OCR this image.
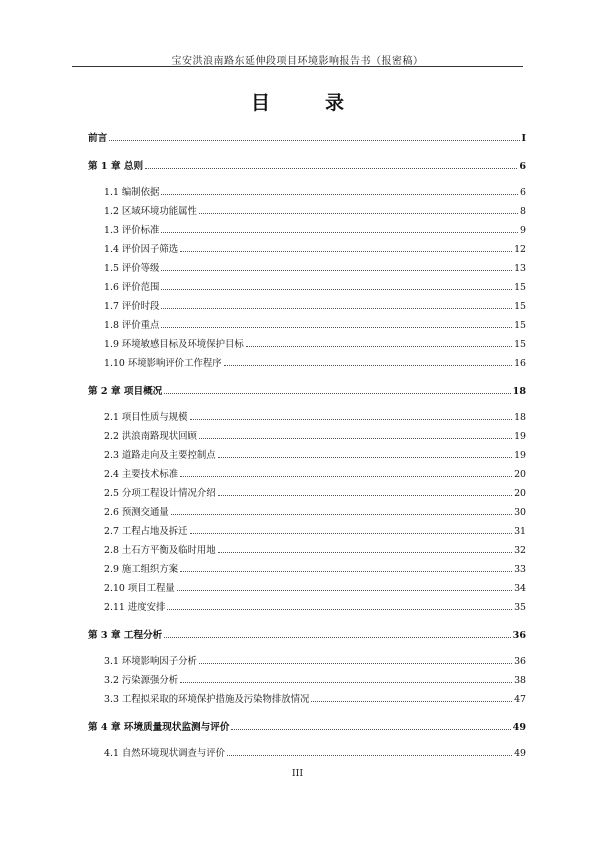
宝安洪浪南路东延伸段项目环境影响报告书（报密稿）
目　录
前言	I
第 1 章 总则	6
1.1 编制依据	6
1.2 区域环境功能属性	8
1.3 评价标准	9
1.4 评价因子筛选	12
1.5 评价等级	13
1.6 评价范围	15
1.7 评价时段	15
1.8 评价重点	15
1.9 环境敏感目标及环境保护目标	15
1.10 环境影响评价工作程序	16
第 2 章 项目概况	18
2.1 项目性质与规模	18
2.2 洪浪南路现状回顾	19
2.3 道路走向及主要控制点	19
2.4 主要技术标准	20
2.5 分项工程设计情况介绍	20
2.6 预测交通量	30
2.7 工程占地及拆迁	31
2.8 土石方平衡及临时用地	32
2.9 施工组织方案	33
2.10 项目工程量	34
2.11 进度安排	35
第 3 章 工程分析	36
3.1 环境影响因子分析	36
3.2 污染源强分析	38
3.3 工程拟采取的环境保护措施及污染物排放情况	47
第 4 章 环境质量现状监测与评价	49
4.1 自然环境现状调查与评价	49
III
